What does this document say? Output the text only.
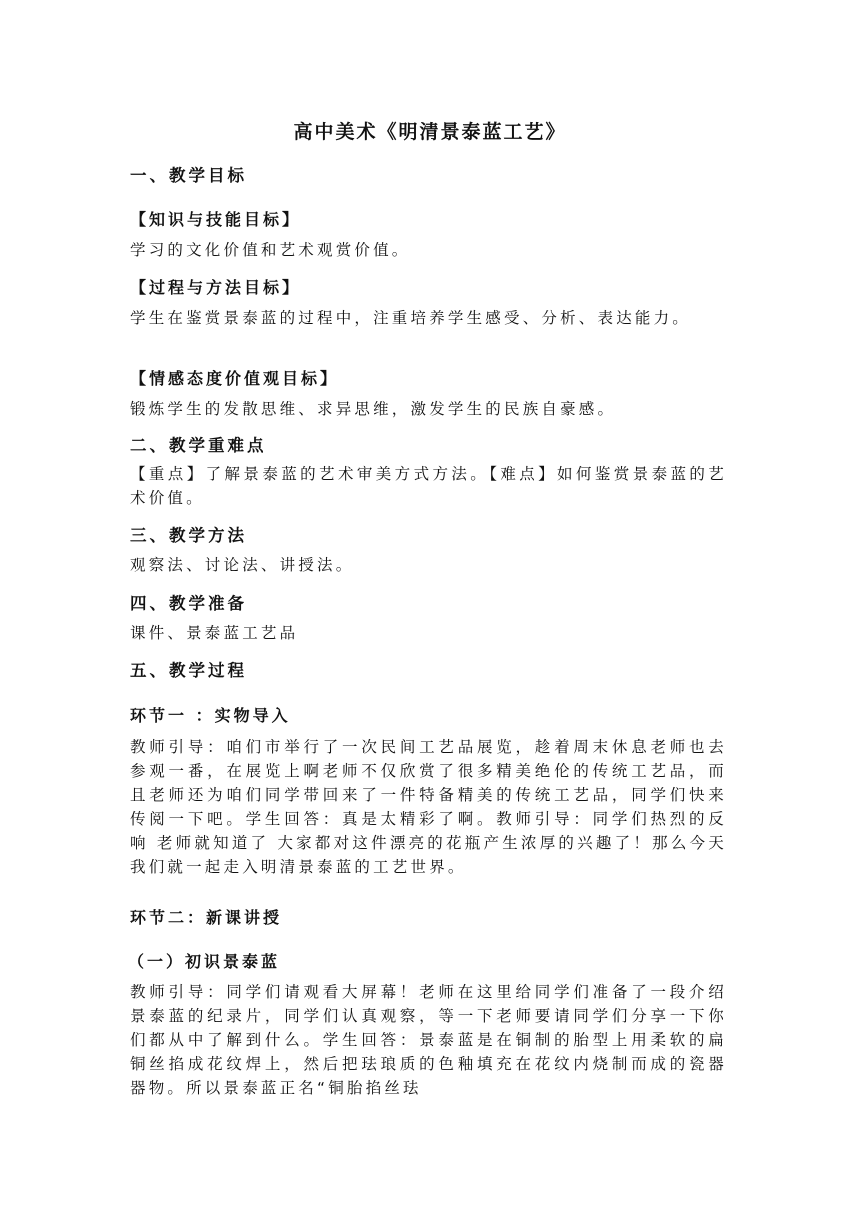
高中美术《明清景泰蓝工艺》
一、教学目标
【知识与技能目标】
学习的文化价值和艺术观赏价值。
【过程与方法目标】
学生在鉴赏景泰蓝的过程中，注重培养学生感受、分析、表达能力。
【情感态度价值观目标】
锻炼学生的发散思维、求异思维，激发学生的民族自豪感。
二、教学重难点
【重点】了解景泰蓝的艺术审美方式方法。【难点】如何鉴赏景泰蓝的艺术价值。
三、教学方法
观察法、讨论法、讲授法。
四、教学准备
课件、景泰蓝工艺品
五、教学过程
环节一 ：实物导入
教师引导：咱们市举行了一次民间工艺品展览，趁着周末休息老师也去参观一番，在展览上啊老师不仅欣赏了很多精美绝伦的传统工艺品，而且老师还为咱们同学带回来了一件特备精美的传统工艺品，同学们快来传阅一下吧。学生回答：真是太精彩了啊。教师引导：同学们热烈的反响 老师就知道了 大家都对这件漂亮的花瓶产生浓厚的兴趣了！那么今天我们就一起走入明清景泰蓝的工艺世界。
环节二：新课讲授
（一）初识景泰蓝
教师引导：同学们请观看大屏幕！老师在这里给同学们准备了一段介绍景泰蓝的纪录片，同学们认真观察，等一下老师要请同学们分享一下你们都从中了解到什么。学生回答：景泰蓝是在铜制的胎型上用柔软的扁铜丝掐成花纹焊上，然后把珐琅质的色釉填充在花纹内烧制而成的瓷器器物。所以景泰蓝正名“铜胎掐丝珐
